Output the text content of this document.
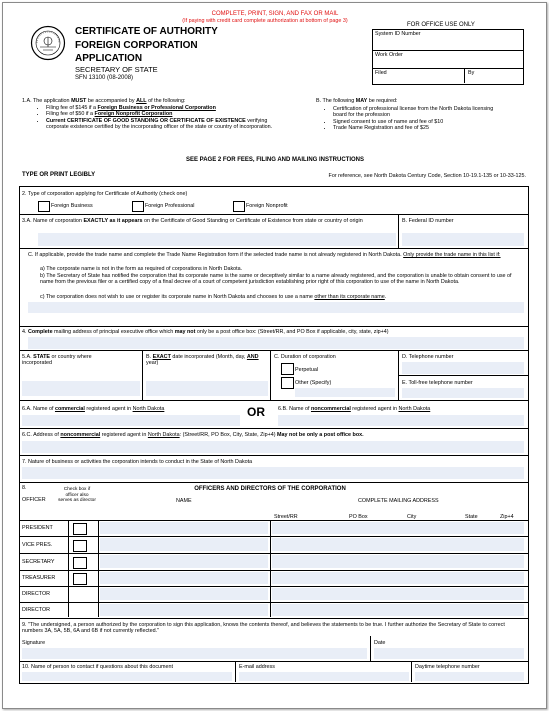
COMPLETE, PRINT, SIGN, AND FAX OR MAIL
(If paying with credit card complete authorization at bottom of page 3)
CERTIFICATE OF AUTHORITY
FOREIGN CORPORATION
APPLICATION
SECRETARY OF STATE
SFN 13100 (08-2008)
FOR OFFICE USE ONLY
System ID Number
Work Order
Filed	By
1.A. The application MUST be accompanied by ALL of the following:
• Filing fee of $145 if a Foreign Business or Professional Corporation
• Filing fee of $50 if a Foreign Nonprofit Corporation
• Current CERTIFICATE OF GOOD STANDING OR CERTIFICATE OF EXISTENCE verifying corporate existence certified by the incorporating officer of the state or country of incorporation.
B. The following MAY be required:
• Certification of professional license from the North Dakota licensing board for the profession
• Signed consent to use of name and fee of $10
• Trade Name Registration and fee of $25
SEE PAGE 2 FOR FEES, FILING AND MAILING INSTRUCTIONS
TYPE OR PRINT LEGIBLY	For reference, see North Dakota Century Code, Section 10-19.1-135 or 10-33-125.
2. Type of corporation applying for Certificate of Authority (check one)
Foreign Business	Foreign Professional	Foreign Nonprofit
3.A. Name of corporation EXACTLY as it appears on the Certificate of Good Standing or Certificate of Existence from state or country of origin	B. Federal ID number
C. If applicable, provide the trade name and complete the Trade Name Registration form if the selected trade name is not already registered in North Dakota. Only provide the trade name in this list if:
a) The corporate name is not in the form as required of corporations in North Dakota.
b) The Secretary of State has notified the corporation that its corporate name is the same or deceptively similar to a name already registered, and the corporation is unable to obtain consent to use of name from the previous filer or a certified copy of a final decree of a court of competent jurisdiction establishing prior right of this corporation to use of the name in North Dakota.
c) The corporation does not wish to use or register its corporate name in North Dakota and chooses to use a name other than its corporate name.
4. Complete mailing address of principal executive office which may not only be a post office box: (Street/RR, and PO Box if applicable, city, state, zip+4)
5.A. STATE or country where incorporated
B. EXACT date incorporated (Month, day, AND year)
C. Duration of corporation
Perpetual
Other (Specify)
D. Telephone number
E. Toll-free telephone number
6.A. Name of commercial registered agent in North Dakota	OR 6.B. Name of noncommercial registered agent in North Dakota
6.C. Address of noncommercial registered agent in North Dakota: (Street/RR, PO Box, City, State, Zip+4) May not be only a post office box.
7. Nature of business or activities the corporation intends to conduct in the State of North Dakota
8.
OFFICER
Check box if officer also serves as director
OFFICERS AND DIRECTORS OF THE CORPORATION
NAME	COMPLETE MAILING ADDRESS
Street/RR	PO Box	City	State	Zip+4
PRESIDENT
VICE PRES.
SECRETARY
TREASURER
DIRECTOR
DIRECTOR
9. "The undersigned, a person authorized by the corporation to sign this application, knows the contents thereof, and believes the statements to be true. I further authorize the Secretary of State to correct numbers 3A, 5A, 5B, 6A and 6B if not currently reflected."
Signature	Date
10. Name of person to contact if questions about this document	E-mail address	Daytime telephone number
